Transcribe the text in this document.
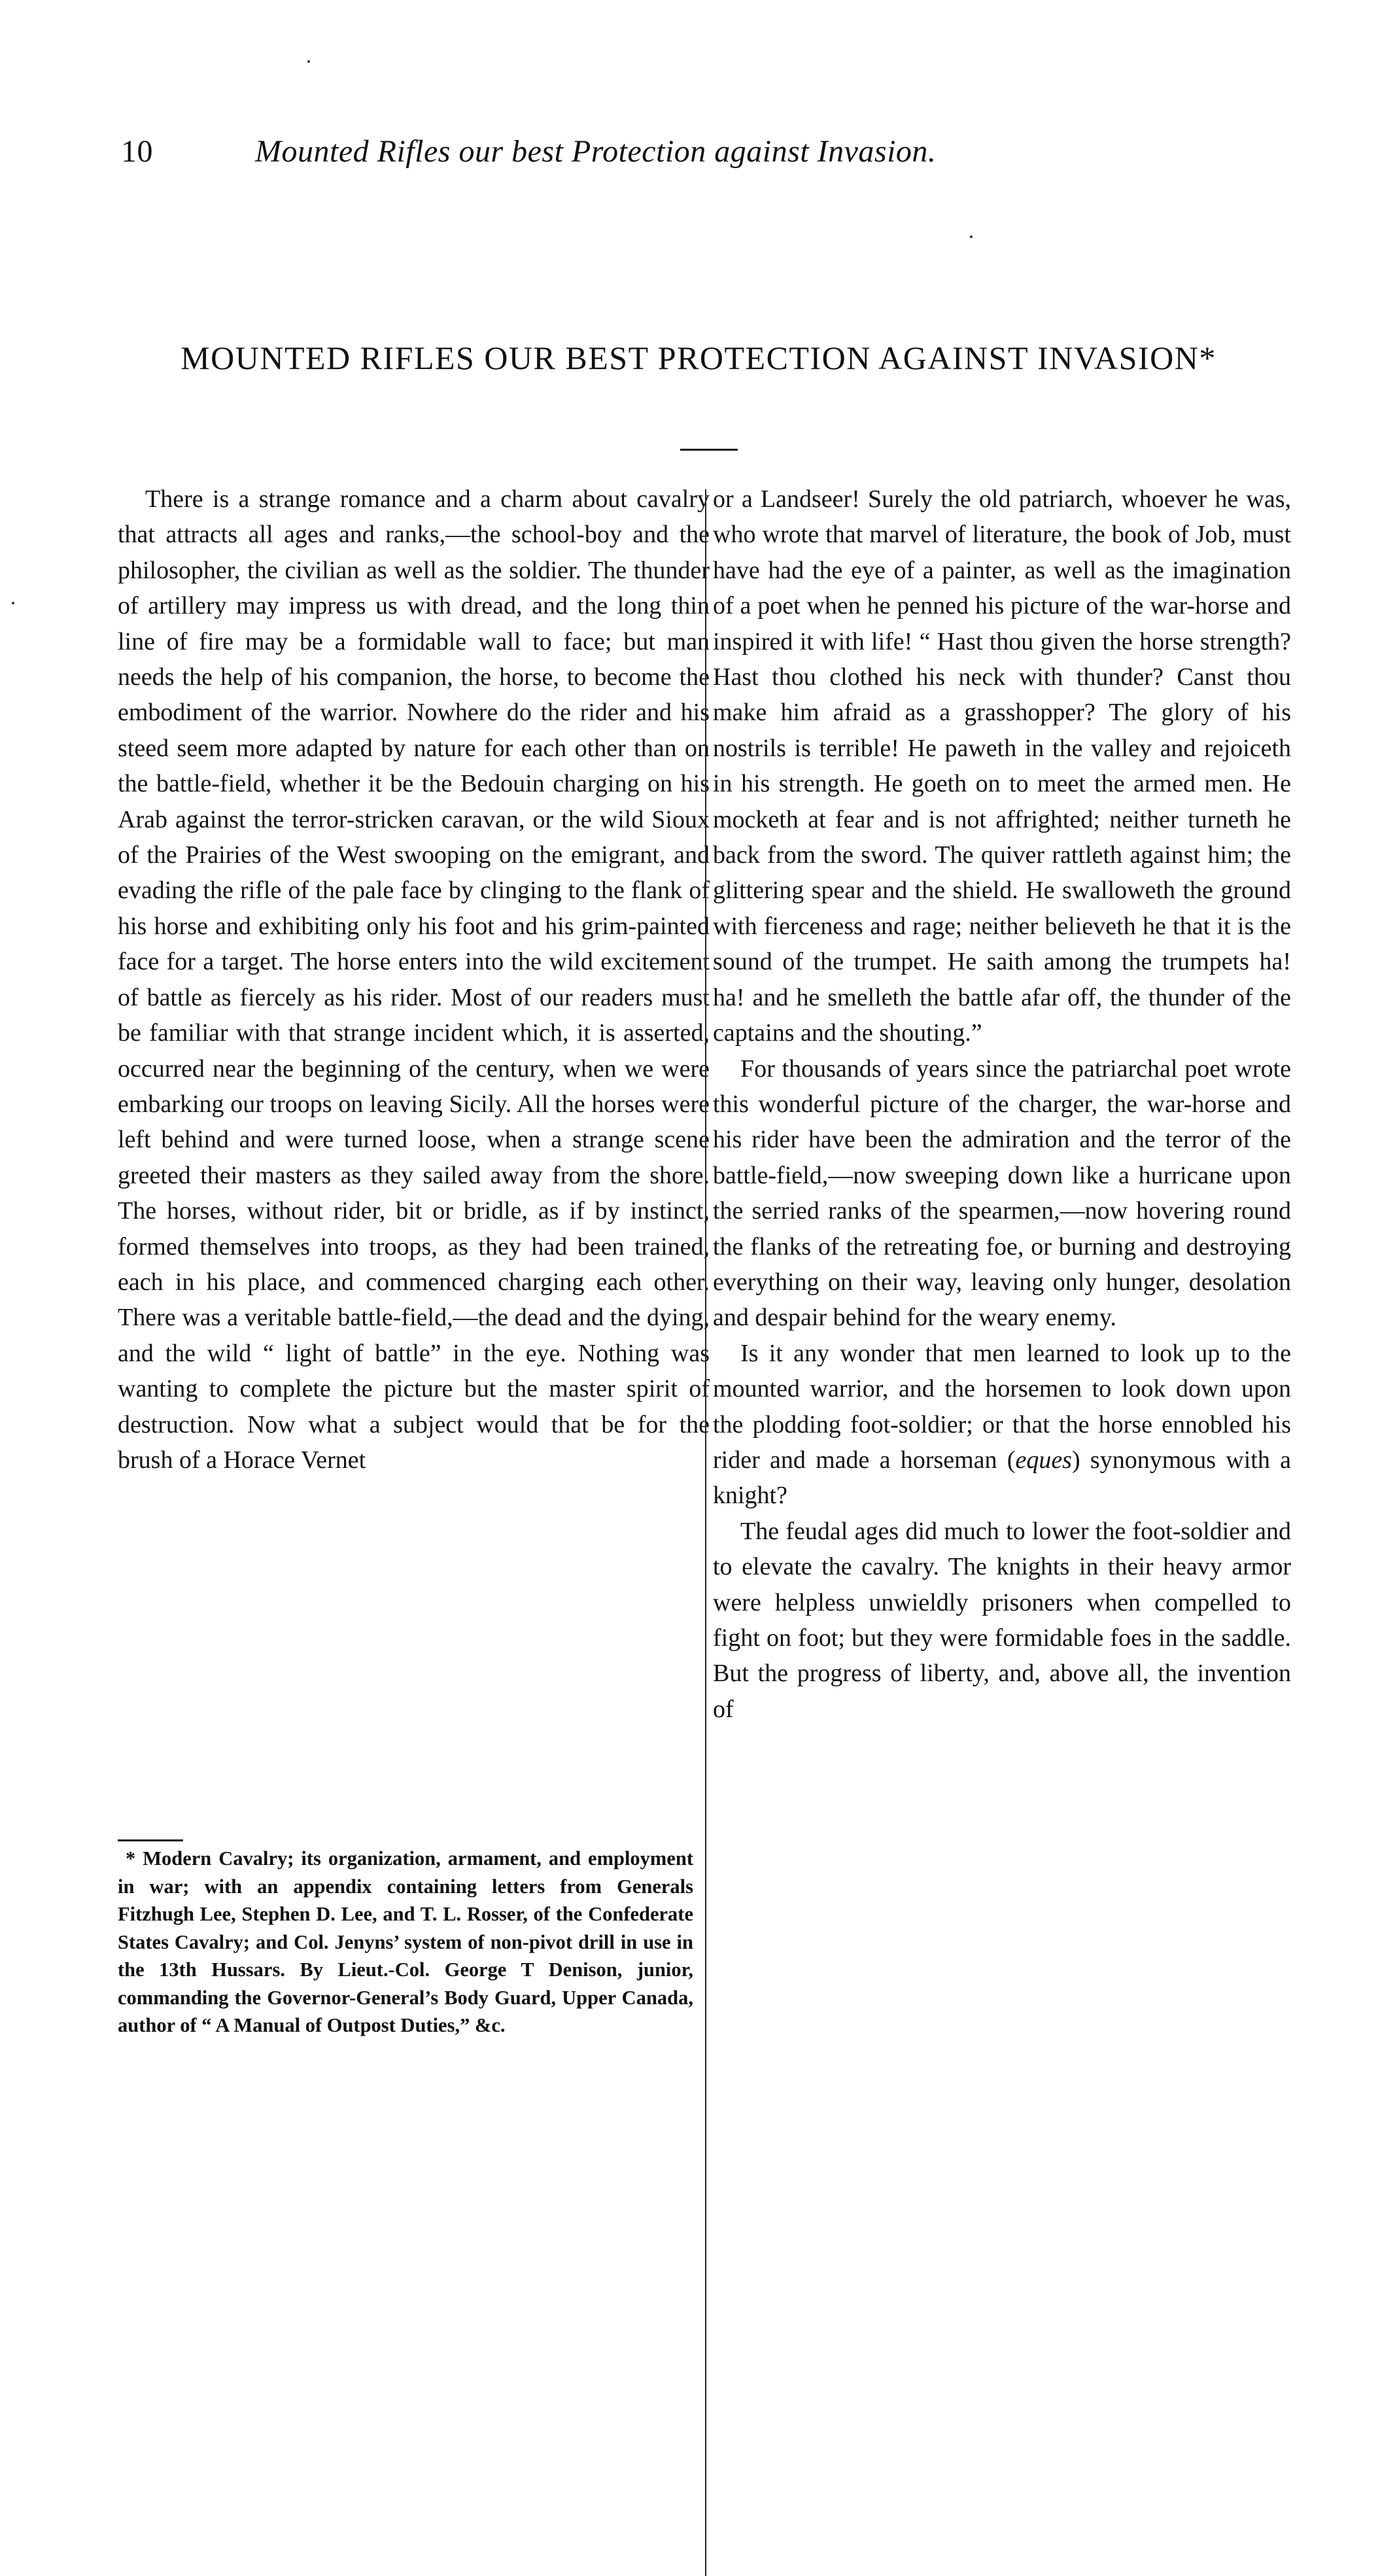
10	Mounted Rifles our best Protection against Invasion.
MOUNTED RIFLES OUR BEST PROTECTION AGAINST INVASION*

There is a strange romance and a charm about cavalry that attracts all ages and ranks,—the school-boy and the philosopher, the civilian as well as the soldier. The thunder of artillery may impress us with dread, and the long thin line of fire may be a formidable wall to face; but man needs the help of his companion, the horse, to become the embodiment of the warrior. Nowhere do the rider and his steed seem more adapted by nature for each other than on the battle-field, whether it be the Bedouin charging on his Arab against the terror-stricken caravan, or the wild Sioux of the Prairies of the West swooping on the emigrant, and evading the rifle of the pale face by clinging to the flank of his horse and exhibiting only his foot and his grim-painted face for a target. The horse enters into the wild excitement of battle as fiercely as his rider. Most of our readers must be familiar with that strange incident which, it is asserted, occurred near the beginning of the century, when we were embarking our troops on leaving Sicily. All the horses were left behind and were turned loose, when a strange scene greeted their masters as they sailed away from the shore. The horses, without rider, bit or bridle, as if by instinct, formed themselves into troops, as they had been trained, each in his place, and commenced charging each other. There was a veritable battle-field,—the dead and the dying, and the wild “ light of battle” in the eye. Nothing was wanting to complete the picture but the master spirit of destruction. Now what a subject would that be for the brush of a Horace Vernet

or a Landseer! Surely the old patriarch, whoever he was, who wrote that marvel of literature, the book of Job, must have had the eye of a painter, as well as the imagination of a poet when he penned his picture of the war-horse and inspired it with life! “ Hast thou given the horse strength? Hast thou clothed his neck with thunder? Canst thou make him afraid as a grasshopper? The glory of his nostrils is terrible! He paweth in the valley and rejoiceth in his strength. He goeth on to meet the armed men. He mocketh at fear and is not affrighted; neither turneth he back from the sword. The quiver rattleth against him; the glittering spear and the shield. He swalloweth the ground with fierceness and rage; neither believeth he that it is the sound of the trumpet. He saith among the trumpets ha! ha! and he smelleth the battle afar off, the thunder of the captains and the shouting.”

For thousands of years since the patriarchal poet wrote this wonderful picture of the charger, the war-horse and his rider have been the admiration and the terror of the battle-field,—now sweeping down like a hurricane upon the serried ranks of the spearmen,—now hovering round the flanks of the retreating foe, or burning and destroying everything on their way, leaving only hunger, desolation and despair behind for the weary enemy.

Is it any wonder that men learned to look up to the mounted warrior, and the horsemen to look down upon the plodding foot-soldier; or that the horse ennobled his rider and made a horseman (eques) synonymous with a knight?

The feudal ages did much to lower the foot-soldier and to elevate the cavalry. The knights in their heavy armor were helpless unwieldly prisoners when compelled to fight on foot; but they were formidable foes in the saddle. But the progress of liberty, and, above all, the invention of

* Modern Cavalry; its organization, armament, and employment in war; with an appendix containing letters from Generals Fitzhugh Lee, Stephen D. Lee, and T. L. Rosser, of the Confederate States Cavalry; and Col. Jenyns’ system of non-pivot drill in use in the 13th Hussars. By Lieut.-Col. George T Denison, junior, commanding the Governor-General’s Body Guard, Upper Canada, author of “ A Manual of Outpost Duties,” &c.
